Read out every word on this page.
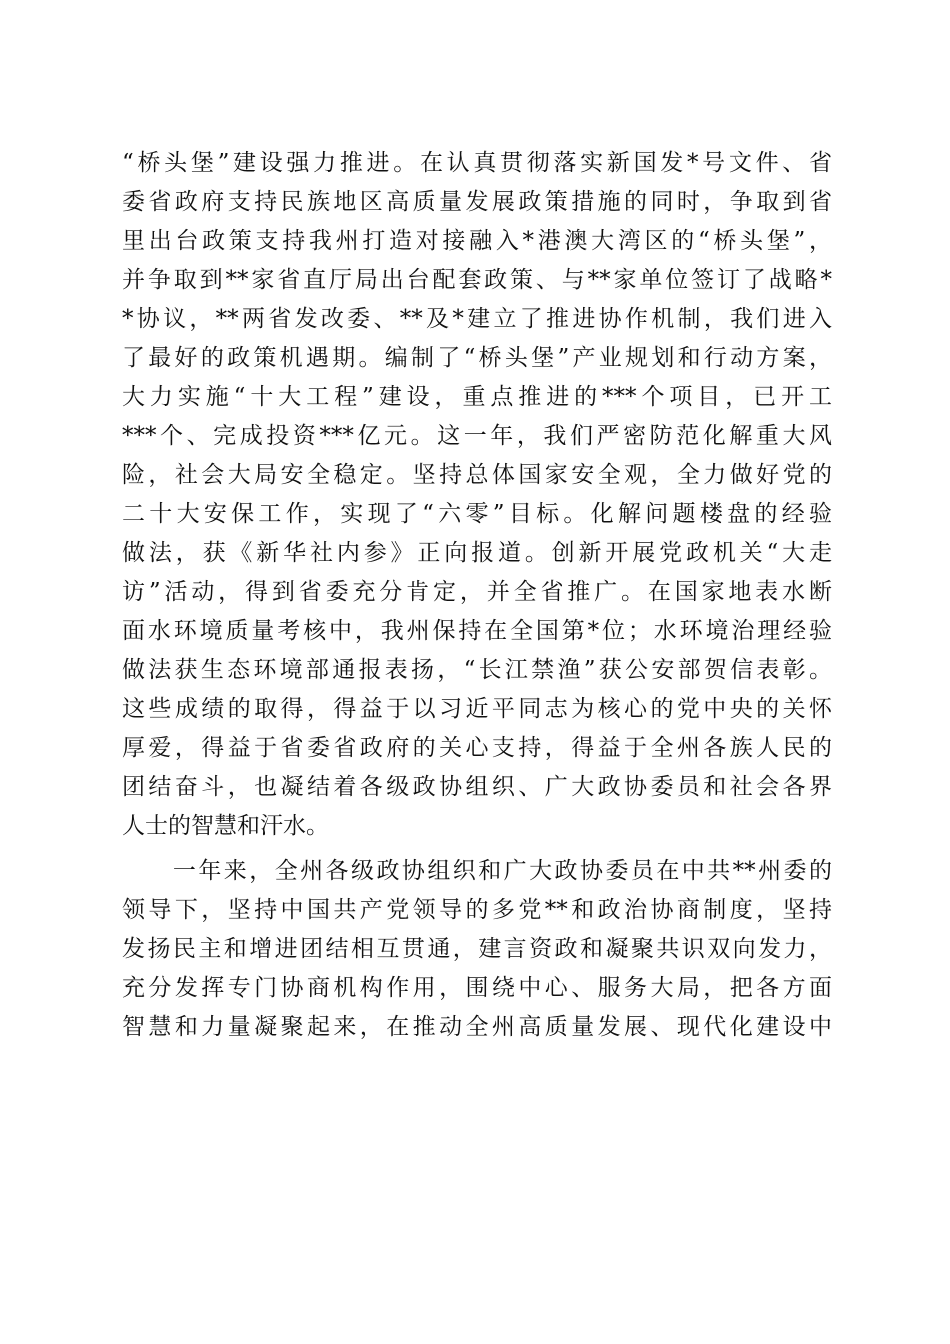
“桥头堡”建设强力推进。在认真贯彻落实新国发*号文件、省
委省政府支持民族地区高质量发展政策措施的同时，争取到省
里出台政策支持我州打造对接融入*港澳大湾区的“桥头堡”，
并争取到**家省直厅局出台配套政策、与**家单位签订了战略*
*协议，**两省发改委、**及*建立了推进协作机制，我们进入
了最好的政策机遇期。编制了“桥头堡”产业规划和行动方案，
大力实施“十大工程”建设，重点推进的***个项目，已开工
***个、完成投资***亿元。这一年，我们严密防范化解重大风
险，社会大局安全稳定。坚持总体国家安全观，全力做好党的
二十大安保工作，实现了“六零”目标。化解问题楼盘的经验
做法，获《新华社内参》正向报道。创新开展党政机关“大走
访”活动，得到省委充分肯定，并全省推广。在国家地表水断
面水环境质量考核中，我州保持在全国第*位；水环境治理经验
做法获生态环境部通报表扬，“长江禁渔”获公安部贺信表彰。
这些成绩的取得，得益于以习近平同志为核心的党中央的关怀
厚爱，得益于省委省政府的关心支持，得益于全州各族人民的
团结奋斗，也凝结着各级政协组织、广大政协委员和社会各界
人士的智慧和汗水。
　　一年来，全州各级政协组织和广大政协委员在中共**州委的
领导下，坚持中国共产党领导的多党**和政治协商制度，坚持
发扬民主和增进团结相互贯通，建言资政和凝聚共识双向发力，
充分发挥专门协商机构作用，围绕中心、服务大局，把各方面
智慧和力量凝聚起来，在推动全州高质量发展、现代化建设中
